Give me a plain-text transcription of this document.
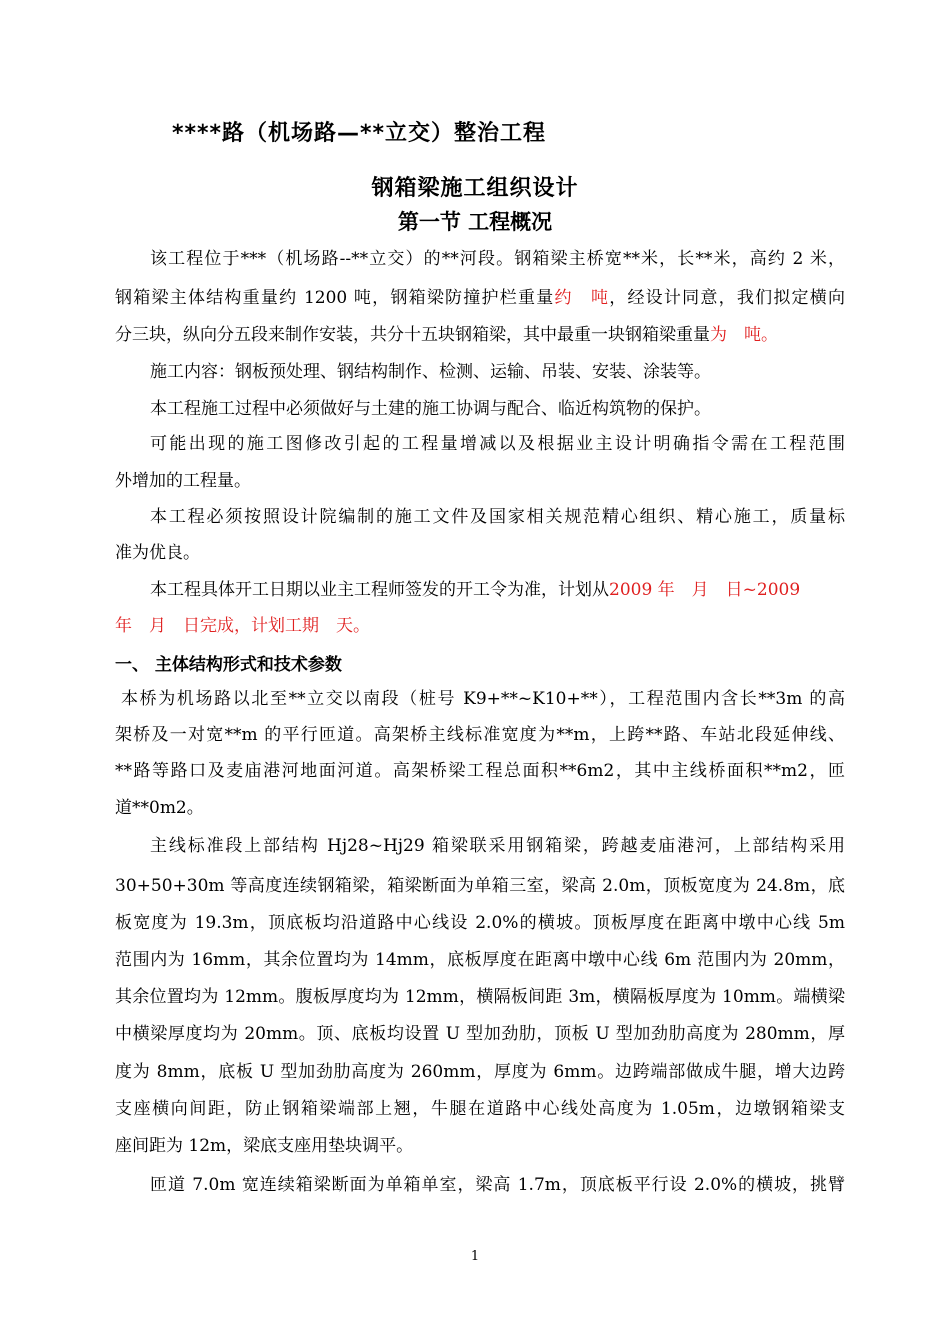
****路（机场路—**立交）整治工程
钢箱梁施工组织设计
第一节 工程概况
该工程位于***（机场路--**立交）的**河段。钢箱梁主桥宽**米，长**米，高约 2 米，
钢箱梁主体结构重量约 1200 吨，钢箱梁防撞护栏重量约　吨，经设计同意，我们拟定横向
分三块，纵向分五段来制作安装，共分十五块钢箱梁，其中最重一块钢箱梁重量为　吨。
施工内容：钢板预处理、钢结构制作、检测、运输、吊装、安装、涂装等。
本工程施工过程中必须做好与土建的施工协调与配合、临近构筑物的保护。
可能出现的施工图修改引起的工程量增减以及根据业主设计明确指令需在工程范围
外增加的工程量。
本工程必须按照设计院编制的施工文件及国家相关规范精心组织、精心施工，质量标
准为优良。
本工程具体开工日期以业主工程师签发的开工令为准，计划从2009 年　月　日~2009
年　月　日完成，计划工期　天。
一、 主体结构形式和技术参数
本桥为机场路以北至**立交以南段（桩号 K9+**~K10+**），工程范围内含长**3m 的高
架桥及一对宽**m 的平行匝道。高架桥主线标准宽度为**m，上跨**路、车站北段延伸线、
**路等路口及麦庙港河地面河道。高架桥梁工程总面积**6m2，其中主线桥面积**m2，匝
道**0m2。
主线标准段上部结构 Hj28~Hj29 箱梁联采用钢箱梁，跨越麦庙港河，上部结构采用
30+50+30m 等高度连续钢箱梁，箱梁断面为单箱三室，梁高 2.0m，顶板宽度为 24.8m，底
板宽度为 19.3m，顶底板均沿道路中心线设 2.0%的横坡。顶板厚度在距离中墩中心线 5m
范围内为 16mm，其余位置均为 14mm，底板厚度在距离中墩中心线 6m 范围内为 20mm，
其余位置均为 12mm。腹板厚度均为 12mm，横隔板间距 3m，横隔板厚度为 10mm。端横梁
中横梁厚度均为 20mm。顶、底板均设置 U 型加劲肋，顶板 U 型加劲肋高度为 280mm，厚
度为 8mm，底板 U 型加劲肋高度为 260mm，厚度为 6mm。边跨端部做成牛腿，增大边跨
支座横向间距，防止钢箱梁端部上翘，牛腿在道路中心线处高度为 1.05m，边墩钢箱梁支
座间距为 12m，梁底支座用垫块调平。
匝道 7.0m 宽连续箱梁断面为单箱单室，梁高 1.7m，顶底板平行设 2.0%的横坡，挑臂
1
